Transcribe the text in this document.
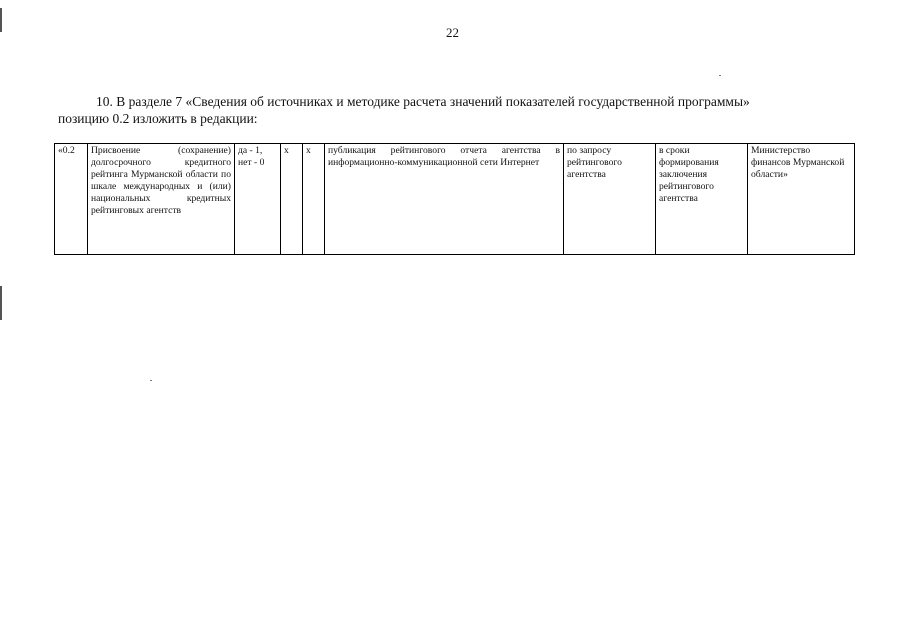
22

10. В разделе 7 «Сведения об источниках и методике расчета значений показателей государственной программы»
позицию 0.2 изложить в редакции:

«0.2	Присвоение (сохранение) долгосрочного кредитного рейтинга Мурманской области по шкале международных и (или) национальных кредитных рейтинговых агентств	да - 1, нет - 0	х	х	публикация рейтингового отчета агентства в информационно-коммуникационной сети Интернет	по запросу рейтингового агентства	в сроки формирования заключения рейтингового агентства	Министерство финансов Мурманской области»
